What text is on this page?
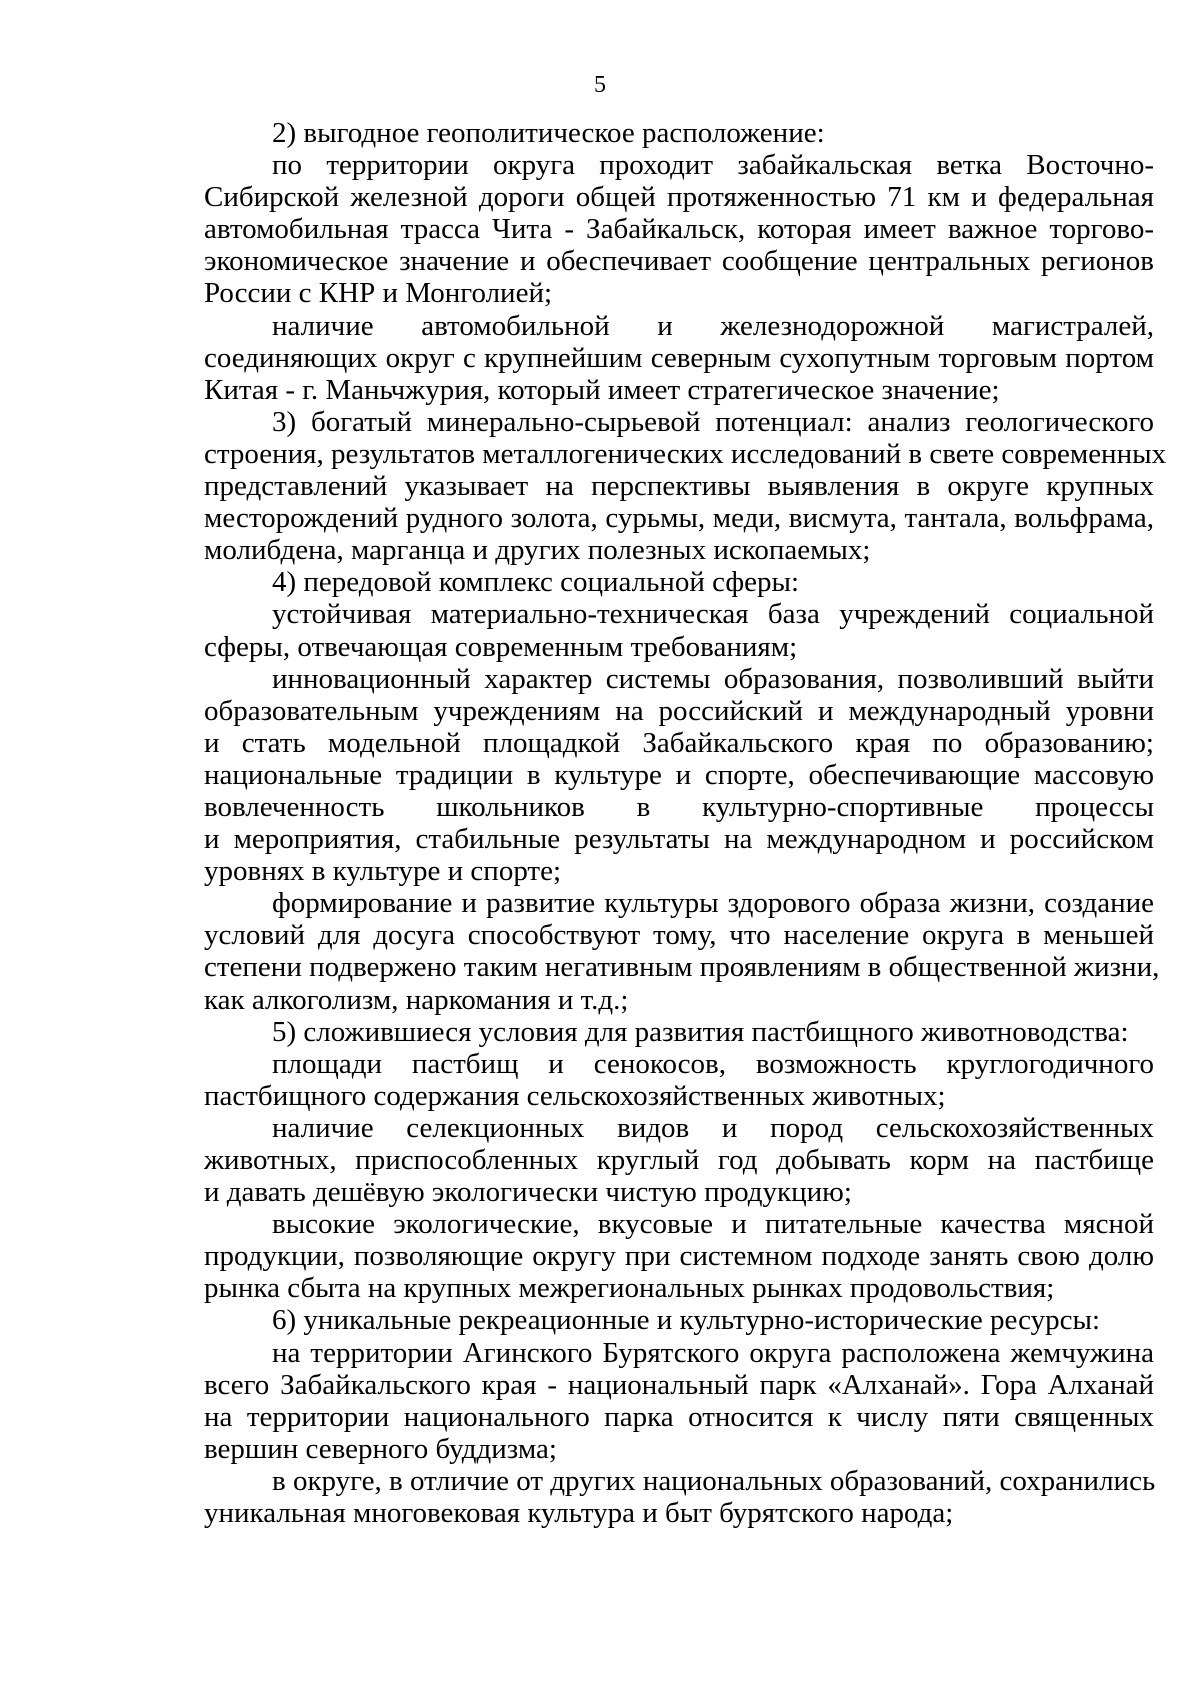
5
2) выгодное геополитическое расположение:
по территории округа проходит забайкальская ветка Восточно-
Сибирской железной дороги общей протяженностью 71 км и федеральная
автомобильная трасса Чита - Забайкальск, которая имеет важное торгово-
экономическое значение и обеспечивает сообщение центральных регионов
России с КНР и Монголией;
наличие автомобильной и железнодорожной магистралей,
соединяющих округ с крупнейшим северным сухопутным торговым портом
Китая - г. Маньчжурия, который имеет стратегическое значение;
3) богатый минерально-сырьевой потенциал: анализ геологического
строения, результатов металлогенических исследований в свете современных
представлений указывает на перспективы выявления в округе крупных
месторождений рудного золота, сурьмы, меди, висмута, тантала, вольфрама,
молибдена, марганца и других полезных ископаемых;
4) передовой комплекс социальной сферы:
устойчивая материально-техническая база учреждений социальной
сферы, отвечающая современным требованиям;
инновационный характер системы образования, позволивший выйти
образовательным учреждениям на российский и международный уровни
и стать модельной площадкой Забайкальского края по образованию;
национальные традиции в культуре и спорте, обеспечивающие массовую
вовлеченность школьников в культурно-спортивные процессы
и мероприятия, стабильные результаты на международном и российском
уровнях в культуре и спорте;
формирование и развитие культуры здорового образа жизни, создание
условий для досуга способствуют тому, что население округа в меньшей
степени подвержено таким негативным проявлениям в общественной жизни,
как алкоголизм, наркомания и т.д.;
5) сложившиеся условия для развития пастбищного животноводства:
площади пастбищ и сенокосов, возможность круглогодичного
пастбищного содержания сельскохозяйственных животных;
наличие селекционных видов и пород сельскохозяйственных
животных, приспособленных круглый год добывать корм на пастбище
и давать дешёвую экологически чистую продукцию;
высокие экологические, вкусовые и питательные качества мясной
продукции, позволяющие округу при системном подходе занять свою долю
рынка сбыта на крупных межрегиональных рынках продовольствия;
6) уникальные рекреационные и культурно-исторические ресурсы:
на территории Агинского Бурятского округа расположена жемчужина
всего Забайкальского края - национальный парк «Алханай». Гора Алханай
на территории национального парка относится к числу пяти священных
вершин северного буддизма;
в округе, в отличие от других национальных образований, сохранились
уникальная многовековая культура и быт бурятского народа;
